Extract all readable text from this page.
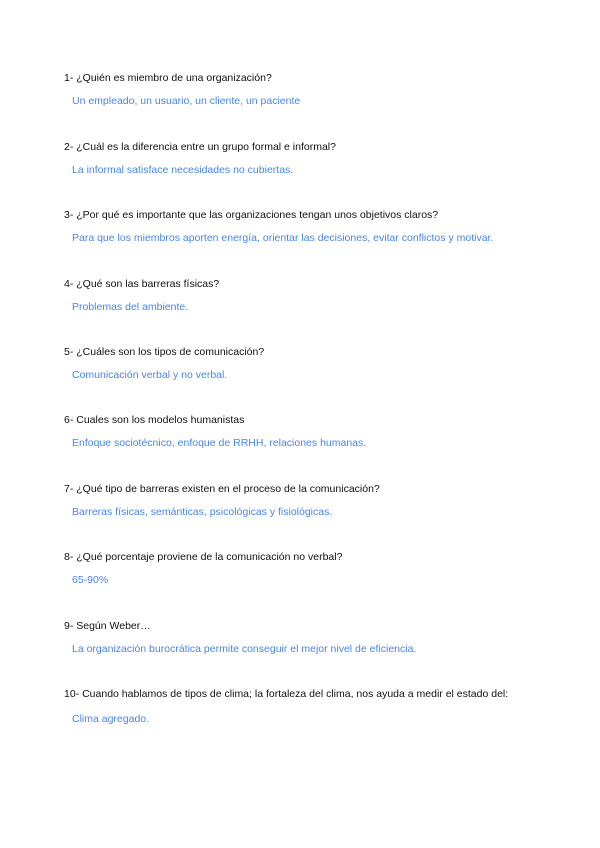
1- ¿Quién es miembro de una organización?

Un empleado, un usuario, un cliente, un paciente

2- ¿Cuál es la diferencia entre un grupo formal e informal?

La informal satisface necesidades no cubiertas.

3- ¿Por qué es importante que las organizaciones tengan unos objetivos claros?

Para que los miembros aporten energía, orientar las decisiones, evitar conflictos y motivar.

4- ¿Qué son las barreras físicas?

Problemas del ambiente.

5- ¿Cuáles son los tipos de comunicación?

Comunicación verbal y no verbal.

6- Cuales son los modelos humanistas

Enfoque sociotécnico, enfoque de RRHH, relaciones humanas.

7- ¿Qué tipo de barreras existen en el proceso de la comunicación?

Barreras físicas, semánticas, psicológicas y fisiológicas.

8- ¿Qué porcentaje proviene de la comunicación no verbal?

65-90%

9- Según Weber…

La organización burocrática permite conseguir el mejor nivel de eficiencia.

10- Cuando hablamos de tipos de clima; la fortaleza del clima, nos ayuda a medir el estado del:

Clima agregado.
